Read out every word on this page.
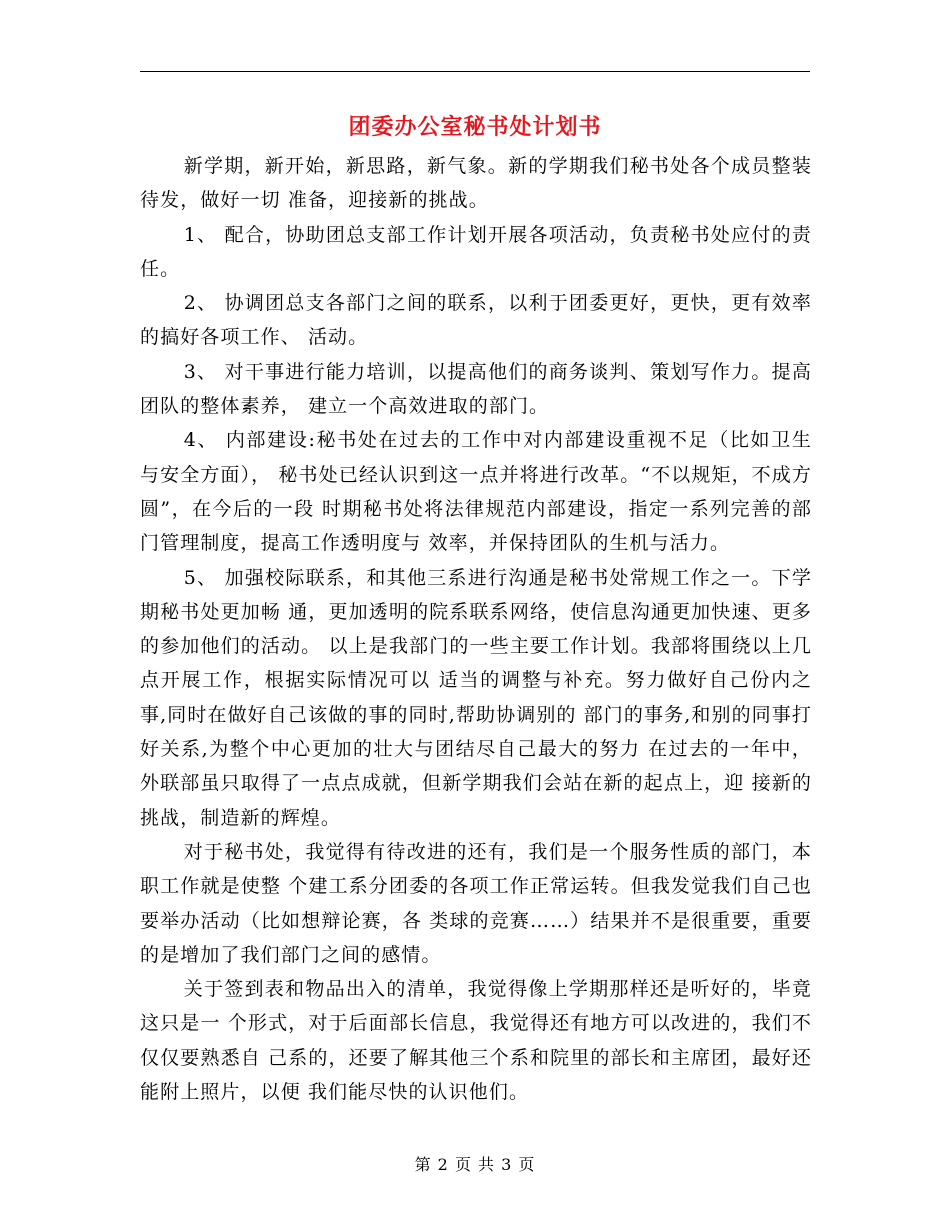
团委办公室秘书处计划书

新学期，新开始，新思路，新气象。新的学期我们秘书处各个成员整装待发，做好一切 准备，迎接新的挑战。

1、 配合，协助团总支部工作计划开展各项活动，负责秘书处应付的责任。

2、 协调团总支各部门之间的联系，以利于团委更好，更快，更有效率的搞好各项工作、 活动。

3、 对干事进行能力培训，以提高他们的商务谈判、策划写作力。提高团队的整体素养， 建立一个高效进取的部门。

4、 内部建设:秘书处在过去的工作中对内部建设重视不足（比如卫生与安全方面）， 秘书处已经认识到这一点并将进行改革。“不以规矩，不成方圆”，在今后的一段 时期秘书处将法律规范内部建设，指定一系列完善的部门管理制度，提高工作透明度与 效率，并保持团队的生机与活力。

5、 加强校际联系，和其他三系进行沟通是秘书处常规工作之一。下学期秘书处更加畅 通，更加透明的院系联系网络，使信息沟通更加快速、更多的参加他们的活动。 以上是我部门的一些主要工作计划。我部将围绕以上几点开展工作，根据实际情况可以 适当的调整与补充。努力做好自己份内之事,同时在做好自己该做的事的同时,帮助协调别的 部门的事务,和别的同事打好关系,为整个中心更加的壮大与团结尽自己最大的努力 在过去的一年中，外联部虽只取得了一点点成就，但新学期我们会站在新的起点上，迎 接新的挑战，制造新的辉煌。

对于秘书处，我觉得有待改进的还有，我们是一个服务性质的部门，本职工作就是使整 个建工系分团委的各项工作正常运转。但我发觉我们自己也要举办活动（比如想辩论赛，各 类球的竞赛……）结果并不是很重要，重要的是增加了我们部门之间的感情。

关于签到表和物品出入的清单，我觉得像上学期那样还是听好的，毕竟这只是一 个形式，对于后面部长信息，我觉得还有地方可以改进的，我们不仅仅要熟悉自 己系的，还要了解其他三个系和院里的部长和主席团，最好还能附上照片，以便 我们能尽快的认识他们。

第 2 页 共 3 页
